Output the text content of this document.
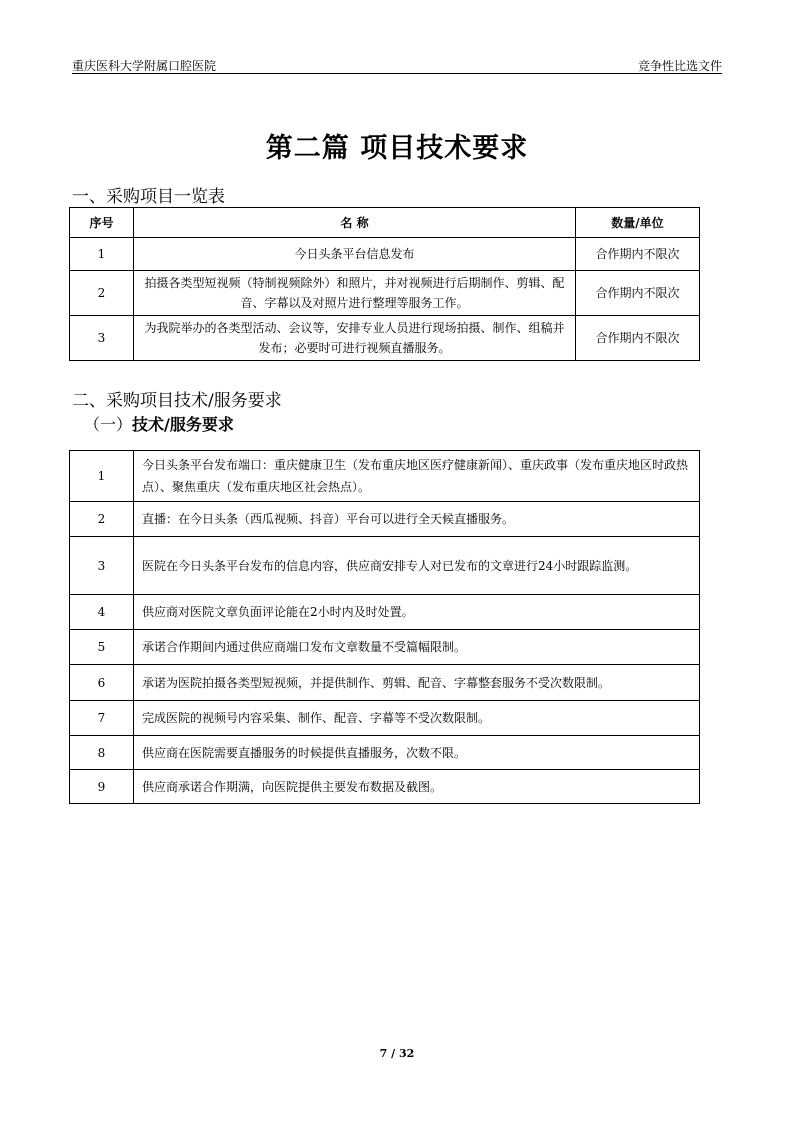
重庆医科大学附属口腔医院	竞争性比选文件
第二篇 项目技术要求
一、采购项目一览表
序号	名 称	数量/单位
1	今日头条平台信息发布	合作期内不限次
2	拍摄各类型短视频（特制视频除外）和照片，并对视频进行后期制作、剪辑、配音、字幕以及对照片进行整理等服务工作。	合作期内不限次
3	为我院举办的各类型活动、会议等，安排专业人员进行现场拍摄、制作、组稿并发布；必要时可进行视频直播服务。	合作期内不限次
二、采购项目技术/服务要求
（一）技术/服务要求
1	今日头条平台发布端口：重庆健康卫生（发布重庆地区医疗健康新闻）、重庆政事（发布重庆地区时政热点）、聚焦重庆（发布重庆地区社会热点）。
2	直播：在今日头条（西瓜视频、抖音）平台可以进行全天候直播服务。
3	医院在今日头条平台发布的信息内容，供应商安排专人对已发布的文章进行24小时跟踪监测。
4	供应商对医院文章负面评论能在2小时内及时处置。
5	承诺合作期间内通过供应商端口发布文章数量不受篇幅限制。
6	承诺为医院拍摄各类型短视频，并提供制作、剪辑、配音、字幕整套服务不受次数限制。
7	完成医院的视频号内容采集、制作、配音、字幕等不受次数限制。
8	供应商在医院需要直播服务的时候提供直播服务，次数不限。
9	供应商承诺合作期满，向医院提供主要发布数据及截图。
7 / 32
